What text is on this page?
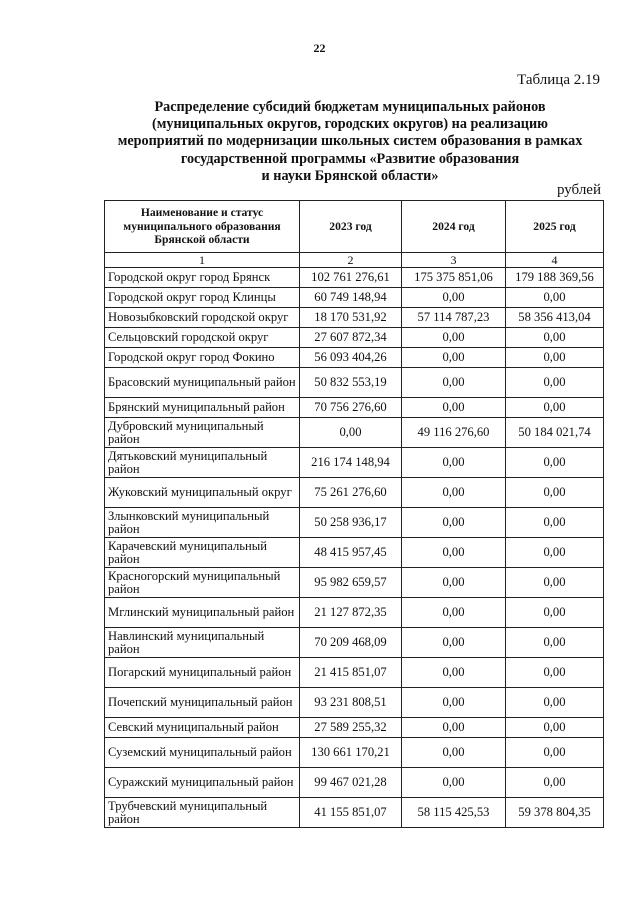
22
Таблица 2.19
Распределение субсидий бюджетам муниципальных районов
(муниципальных округов, городских округов) на реализацию
мероприятий по модернизации школьных систем образования в рамках
государственной программы «Развитие образования
и науки Брянской области»
рублей
Наименование и статус муниципального образования Брянской области	2023 год	2024 год	2025 год
1	2	3	4
Городской округ город Брянск	102 761 276,61	175 375 851,06	179 188 369,56
Городской округ город Клинцы	60 749 148,94	0,00	0,00
Новозыбковский городской округ	18 170 531,92	57 114 787,23	58 356 413,04
Сельцовский городской округ	27 607 872,34	0,00	0,00
Городской округ город Фокино	56 093 404,26	0,00	0,00
Брасовский муниципальный район	50 832 553,19	0,00	0,00
Брянский муниципальный район	70 756 276,60	0,00	0,00
Дубровский муниципальный район	0,00	49 116 276,60	50 184 021,74
Дятьковский муниципальный район	216 174 148,94	0,00	0,00
Жуковский муниципальный округ	75 261 276,60	0,00	0,00
Злынковский муниципальный район	50 258 936,17	0,00	0,00
Карачевский муниципальный район	48 415 957,45	0,00	0,00
Красногорский муниципальный район	95 982 659,57	0,00	0,00
Мглинский муниципальный район	21 127 872,35	0,00	0,00
Навлинский муниципальный район	70 209 468,09	0,00	0,00
Погарский муниципальный район	21 415 851,07	0,00	0,00
Почепский муниципальный район	93 231 808,51	0,00	0,00
Севский муниципальный район	27 589 255,32	0,00	0,00
Суземский муниципальный район	130 661 170,21	0,00	0,00
Суражский муниципальный район	99 467 021,28	0,00	0,00
Трубчевский муниципальный район	41 155 851,07	58 115 425,53	59 378 804,35
